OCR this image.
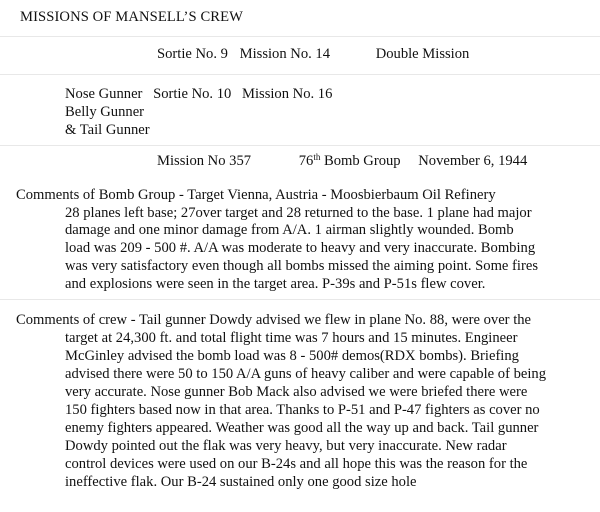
MISSIONS OF MANSELL’S CREW
Sortie No. 9 Mission No. 14	Double Mission
Nose Gunner Sortie No. 10 Mission No. 16
Belly Gunner
& Tail Gunner
Mission No 357	76th Bomb Group November 6, 1944
Comments of Bomb Group - Target Vienna, Austria - Moosbierbaum Oil Refinery
28 planes left base; 27over target and 28 returned to the base. 1 plane had major
damage and one minor damage from A/A. 1 airman slightly wounded. Bomb
load was 209 - 500 #. A/A was moderate to heavy and very inaccurate. Bombing
was very satisfactory even though all bombs missed the aiming point. Some fires
and explosions were seen in the target area. P-39s and P-51s flew cover.
Comments of crew - Tail gunner Dowdy advised we flew in plane No. 88, were over the
target at 24,300 ft. and total flight time was 7 hours and 15 minutes. Engineer
McGinley advised the bomb load was 8 - 500# demos(RDX bombs). Briefing
advised there were 50 to 150 A/A guns of heavy caliber and were capable of being
very accurate. Nose gunner Bob Mack also advised we were briefed there were
150 fighters based now in that area. Thanks to P-51 and P-47 fighters as cover no
enemy fighters appeared. Weather was good all the way up and back. Tail gunner
Dowdy pointed out the flak was very heavy, but very inaccurate. New radar
control devices were used on our B-24s and all hope this was the reason for the
ineffective flak. Our B-24 sustained only one good size hole
